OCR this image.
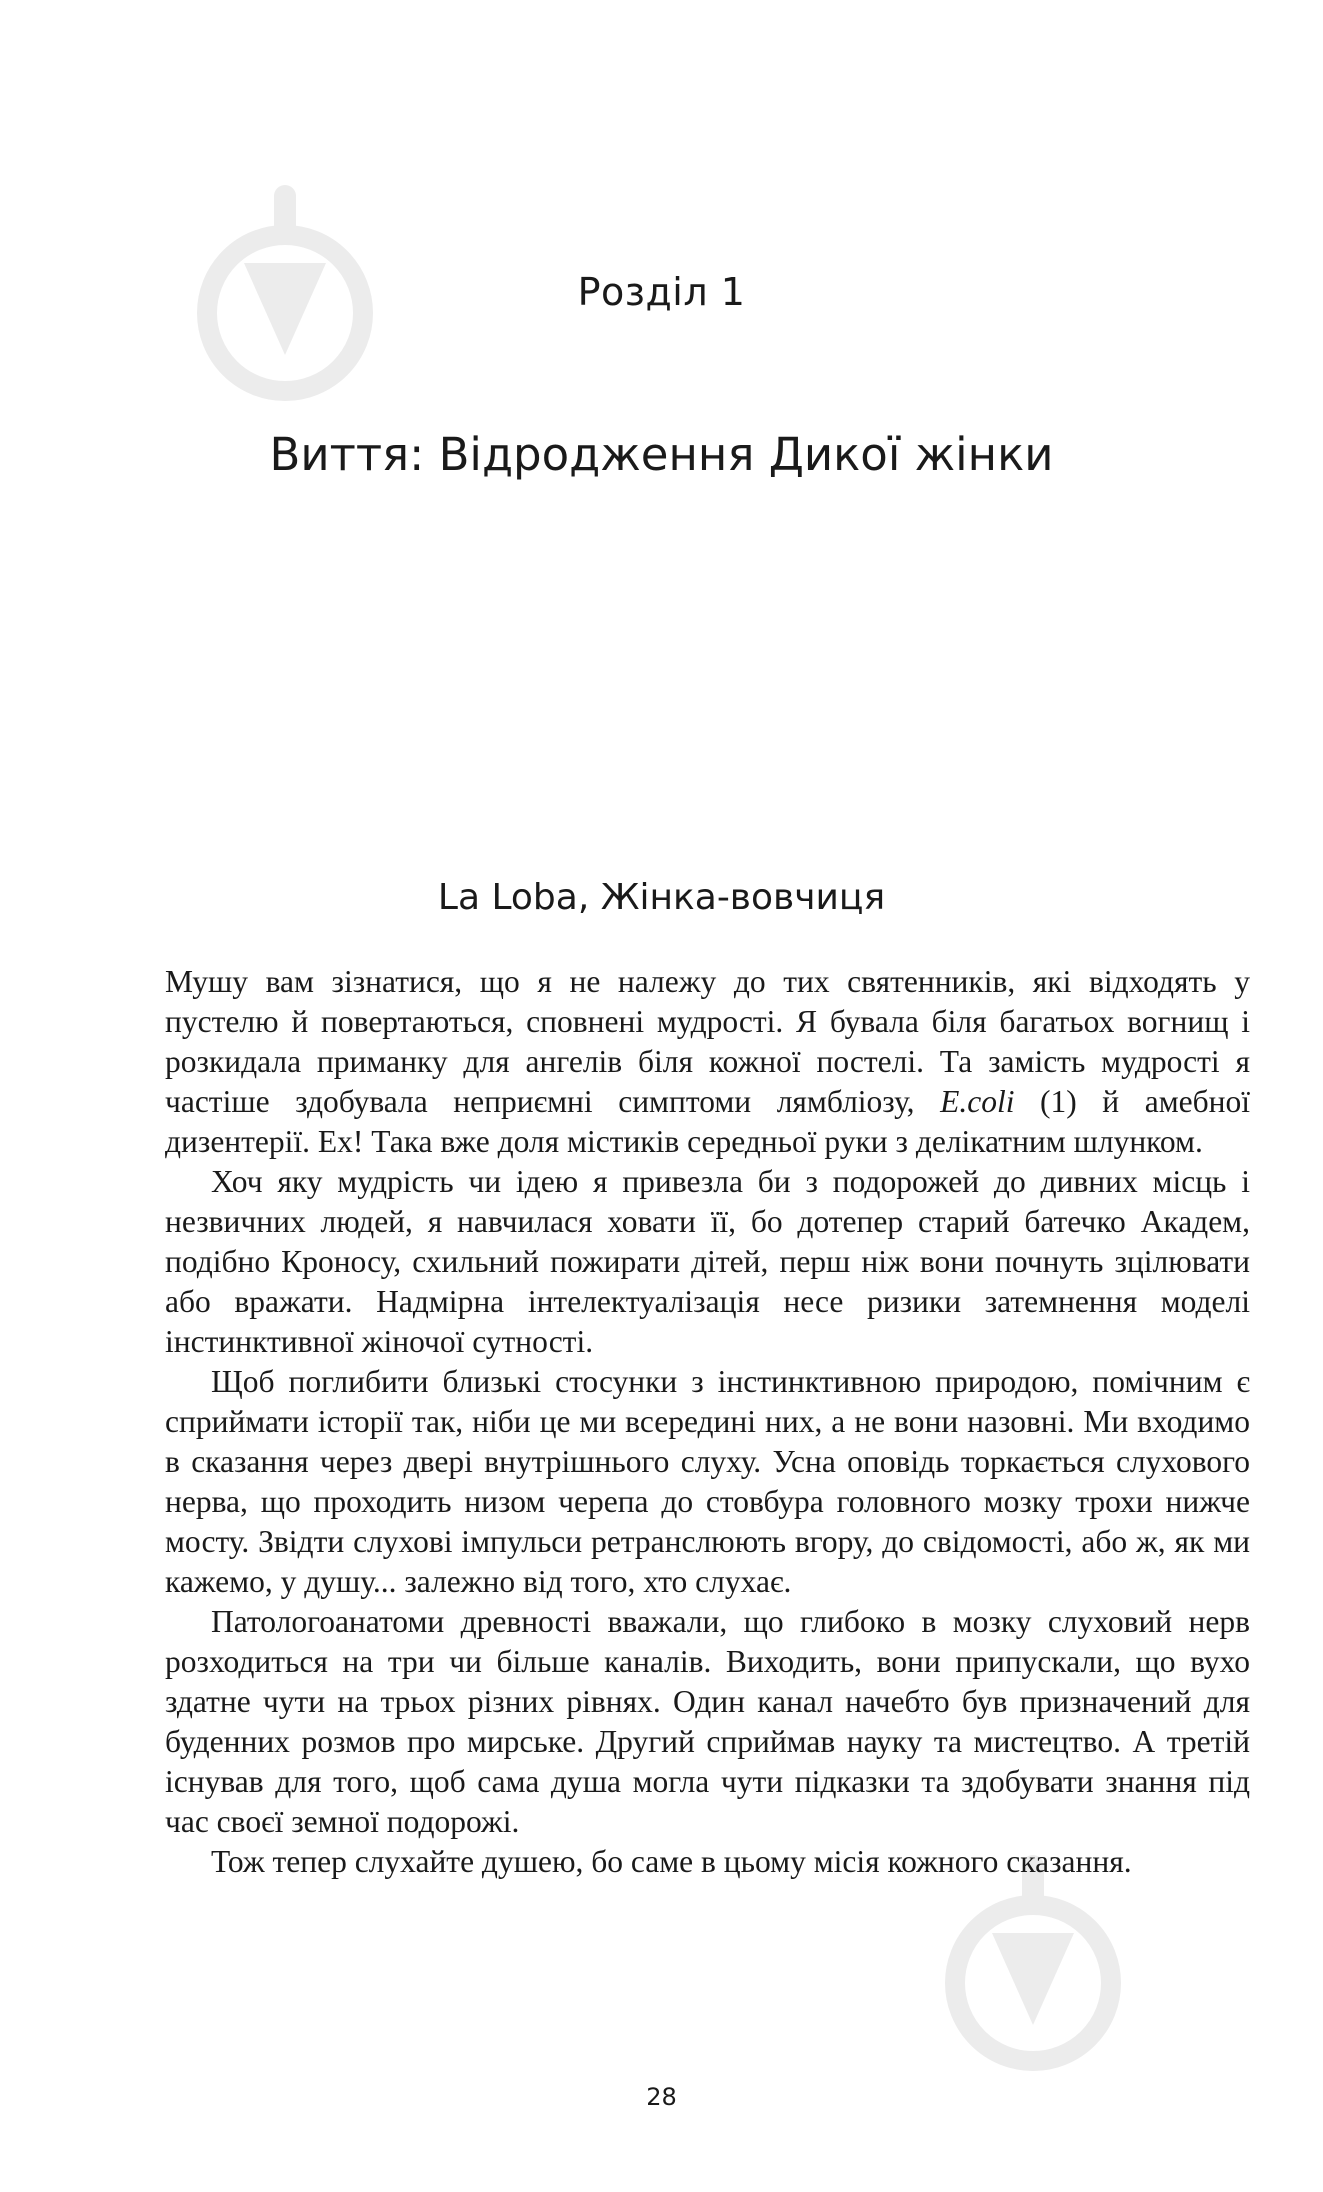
Розділ 1
Виття: Відродження Дикої жінки
La Loba, Жінка-вовчиця

Мушу вам зізнатися, що я не належу до тих святенників, які відходять у пустелю й повертаються, сповнені мудрості. Я бувала біля багатьох вогнищ і розкидала приманку для ангелів біля кожної постелі. Та замість мудрості я частіше здобувала неприємні симптоми лямбліозу, E.coli (1) й амебної дизентерії. Ех! Така вже доля містиків середньої руки з делікатним шлунком.

Хоч яку мудрість чи ідею я привезла би з подорожей до дивних місць і незвичних людей, я навчилася ховати її, бо дотепер старий батечко Академ, подібно Кроносу, схильний пожирати дітей, перш ніж вони почнуть зцілювати або вражати. Надмірна інтелектуалізація несе ризики затемнення моделі інстинктивної жіночої сутності.

Щоб поглибити близькі стосунки з інстинктивною природою, помічним є сприймати історії так, ніби це ми всередині них, а не вони назовні. Ми входимо в сказання через двері внутрішнього слуху. Усна оповідь торкається слухового нерва, що проходить низом черепа до стовбура головного мозку трохи нижче мосту. Звідти слухові імпульси ретранслюють вгору, до свідомості, або ж, як ми кажемо, у душу... залежно від того, хто слухає.

Патологоанатоми древності вважали, що глибоко в мозку слуховий нерв розходиться на три чи більше каналів. Виходить, вони припускали, що вухо здатне чути на трьох різних рівнях. Один канал начебто був призначений для буденних розмов про мирське. Другий сприймав науку та мистецтво. А третій існував для того, щоб сама душа могла чути підказки та здобувати знання під час своєї земної подорожі.

Тож тепер слухайте душею, бо саме в цьому місія кожного сказання.

28
